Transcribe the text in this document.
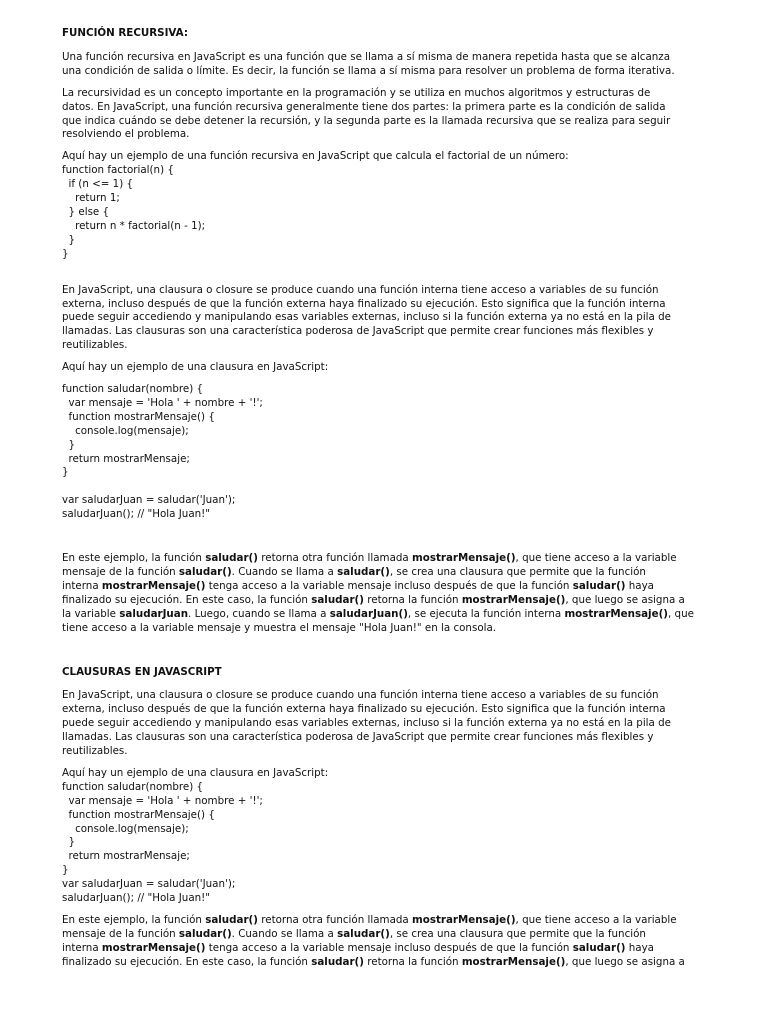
FUNCIÓN RECURSIVA:
Una función recursiva en JavaScript es una función que se llama a sí misma de manera repetida hasta que se alcanza
una condición de salida o límite. Es decir, la función se llama a sí misma para resolver un problema de forma iterativa.
La recursividad es un concepto importante en la programación y se utiliza en muchos algoritmos y estructuras de
datos. En JavaScript, una función recursiva generalmente tiene dos partes: la primera parte es la condición de salida
que indica cuándo se debe detener la recursión, y la segunda parte es la llamada recursiva que se realiza para seguir
resolviendo el problema.
Aquí hay un ejemplo de una función recursiva en JavaScript que calcula el factorial de un número:
function factorial(n) {
if (n <= 1) {
return 1;
} else {
return n * factorial(n - 1);
}
}
En JavaScript, una clausura o closure se produce cuando una función interna tiene acceso a variables de su función
externa, incluso después de que la función externa haya finalizado su ejecución. Esto significa que la función interna
puede seguir accediendo y manipulando esas variables externas, incluso si la función externa ya no está en la pila de
llamadas. Las clausuras son una característica poderosa de JavaScript que permite crear funciones más flexibles y
reutilizables.
Aquí hay un ejemplo de una clausura en JavaScript:
function saludar(nombre) {
var mensaje = 'Hola ' + nombre + '!';
function mostrarMensaje() {
console.log(mensaje);
}
return mostrarMensaje;
}
var saludarJuan = saludar('Juan');
saludarJuan(); // "Hola Juan!"
En este ejemplo, la función saludar() retorna otra función llamada mostrarMensaje(), que tiene acceso a la variable
mensaje de la función saludar(). Cuando se llama a saludar(), se crea una clausura que permite que la función
interna mostrarMensaje() tenga acceso a la variable mensaje incluso después de que la función saludar() haya
finalizado su ejecución. En este caso, la función saludar() retorna la función mostrarMensaje(), que luego se asigna a
la variable saludarJuan. Luego, cuando se llama a saludarJuan(), se ejecuta la función interna mostrarMensaje(), que
tiene acceso a la variable mensaje y muestra el mensaje "Hola Juan!" en la consola.
CLAUSURAS EN JAVASCRIPT
En JavaScript, una clausura o closure se produce cuando una función interna tiene acceso a variables de su función
externa, incluso después de que la función externa haya finalizado su ejecución. Esto significa que la función interna
puede seguir accediendo y manipulando esas variables externas, incluso si la función externa ya no está en la pila de
llamadas. Las clausuras son una característica poderosa de JavaScript que permite crear funciones más flexibles y
reutilizables.
Aquí hay un ejemplo de una clausura en JavaScript:
function saludar(nombre) {
var mensaje = 'Hola ' + nombre + '!';
function mostrarMensaje() {
console.log(mensaje);
}
return mostrarMensaje;
}
var saludarJuan = saludar('Juan');
saludarJuan(); // "Hola Juan!"
En este ejemplo, la función saludar() retorna otra función llamada mostrarMensaje(), que tiene acceso a la variable
mensaje de la función saludar(). Cuando se llama a saludar(), se crea una clausura que permite que la función
interna mostrarMensaje() tenga acceso a la variable mensaje incluso después de que la función saludar() haya
finalizado su ejecución. En este caso, la función saludar() retorna la función mostrarMensaje(), que luego se asigna a
